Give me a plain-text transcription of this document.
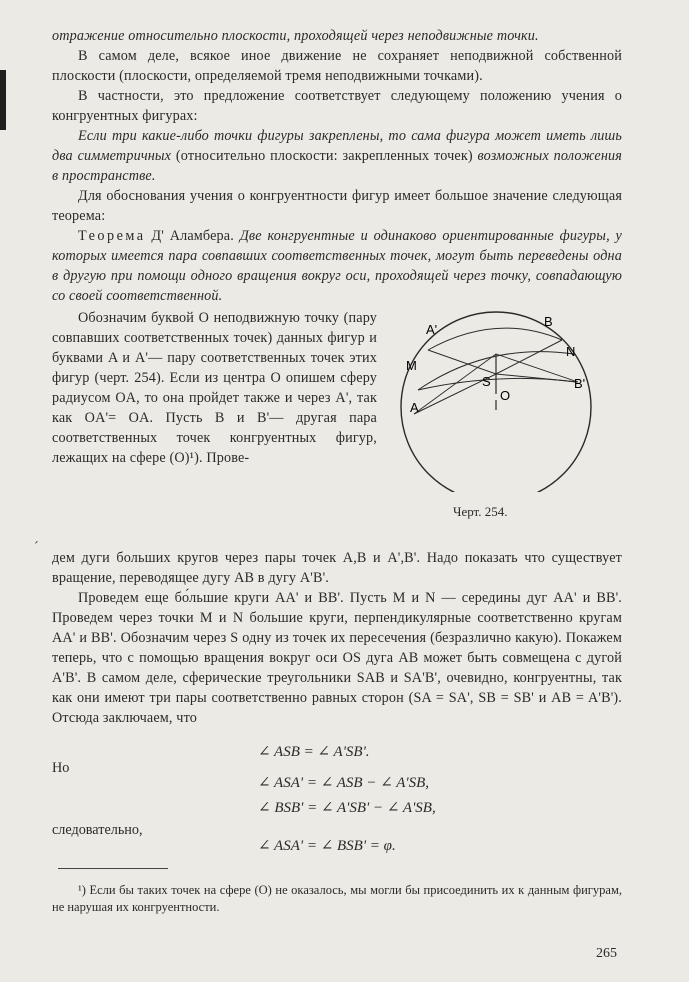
отражение относительно плоскости, проходящей через неподвижные точки.

В самом деле, всякое иное движение не сохраняет неподвижной собственной плоскости (плоскости, определяемой тремя неподвижными точками).

В частности, это предложение соответствует следующему положению учения о конгруентных фигурах:

Если три какие-либо точки фигуры закреплены, то сама фигура может иметь лишь два симметричных (относительно плоскости: закрепленных точек) возможных положения в пространстве.

Для обоснования учения о конгруентности фигур имеет большое значение следующая теорема:

Теорема Д' Аламбера. Две конгруентные и одинаково ориентированные фигуры, у которых имеется пара совпавших соответственных точек, могут быть переведены одна в другую при помощи одного вращения вокруг оси, проходящей через точку, совпадающую со своей соответственной.

Обозначим буквой O неподвижную точку (пару совпавших соответственных точек) данных фигур и буквами A и A'— пару соответственных точек этих фигур (черт. 254). Если из центра O опишем сферу радиусом OA, то она пройдет также и через A', так как OA'= OA. Пусть B и B'— другая пара соответственных точек конгруентных фигур, лежащих на сфере (O)¹). Прове-

A'
B
M
N
S
O
B'
A
Черт. 254.
´

дем дуги больших кругов через пары точек A,B и A',B'. Надо показать что существует вращение, переводящее дугу AB в дугу A'B'.

Проведем еще бо́льшие круги AA' и BB'. Пусть M и N — середины дуг AA' и BB'. Проведем через точки M и N большие круги, перпендикулярные соответственно кругам AA' и BB'. Обозначим через S одну из точек их пересечения (безразлично какую). Покажем теперь, что с помощью вращения вокруг оси OS дуга AB может быть совмещена с дугой A'B'. В самом деле, сферические треугольники SAB и SA'B', очевидно, конгруентны, так как они имеют три пары соответственно равных сторон (SA = SA', SB = SB' и AB = A'B'). Отсюда заключаем, что

∠ ASB = ∠ A'SB'.
Но
∠ ASA' = ∠ ASB − ∠ A'SB,
∠ BSB' = ∠ A'SB' − ∠ A'SB,
следовательно,
∠ ASA' = ∠ BSB' = φ.
¹) Если бы таких точек на сфере (O) не оказалось, мы могли бы присоединить их к данным фигурам, не нарушая их конгруентности.
265
